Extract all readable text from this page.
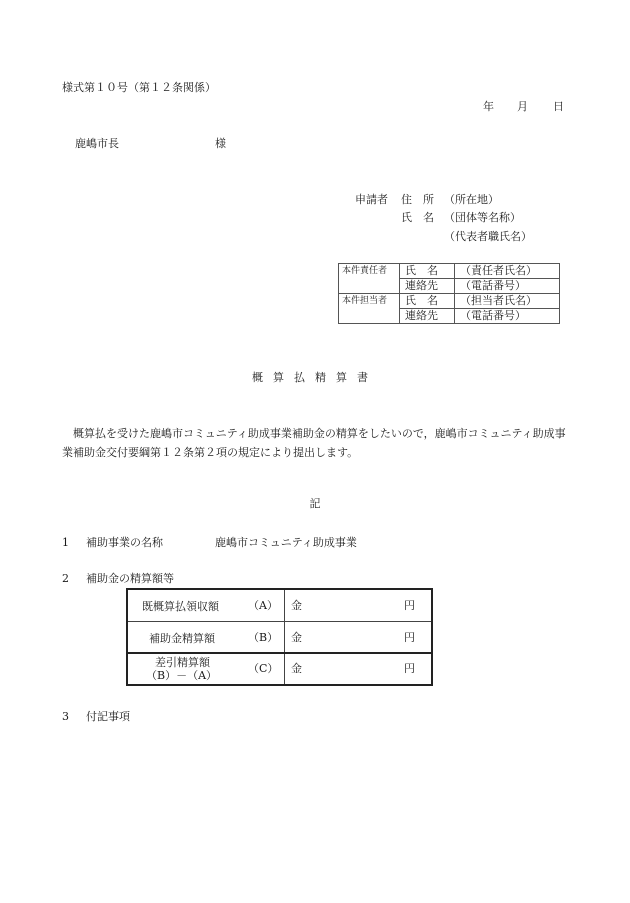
様式第１０号（第１２条関係）
年 月 日
鹿嶋市長	様
申請者 住　所 （所在地）
氏　名 （団体等名称）
（代表者職氏名）
本件責任者	氏　名	（責任者氏名）
	連絡先	（電話番号）
本件担当者	氏　名	（担当者氏名）
	連絡先	（電話番号）
概算払精算書
概算払を受けた鹿嶋市コミュニティ助成事業補助金の精算をしたいので，鹿嶋市コミュニティ助成事業補助金交付要綱第１２条第２項の規定により提出します。
記
1 補助事業の名称	鹿嶋市コミュニティ助成事業
2 補助金の精算額等
既概算払領収額 （A）	金 円

補助金精算額 （B）	金 円

差引精算額
（B）－（A）
（C）	金 円
3 付記事項
